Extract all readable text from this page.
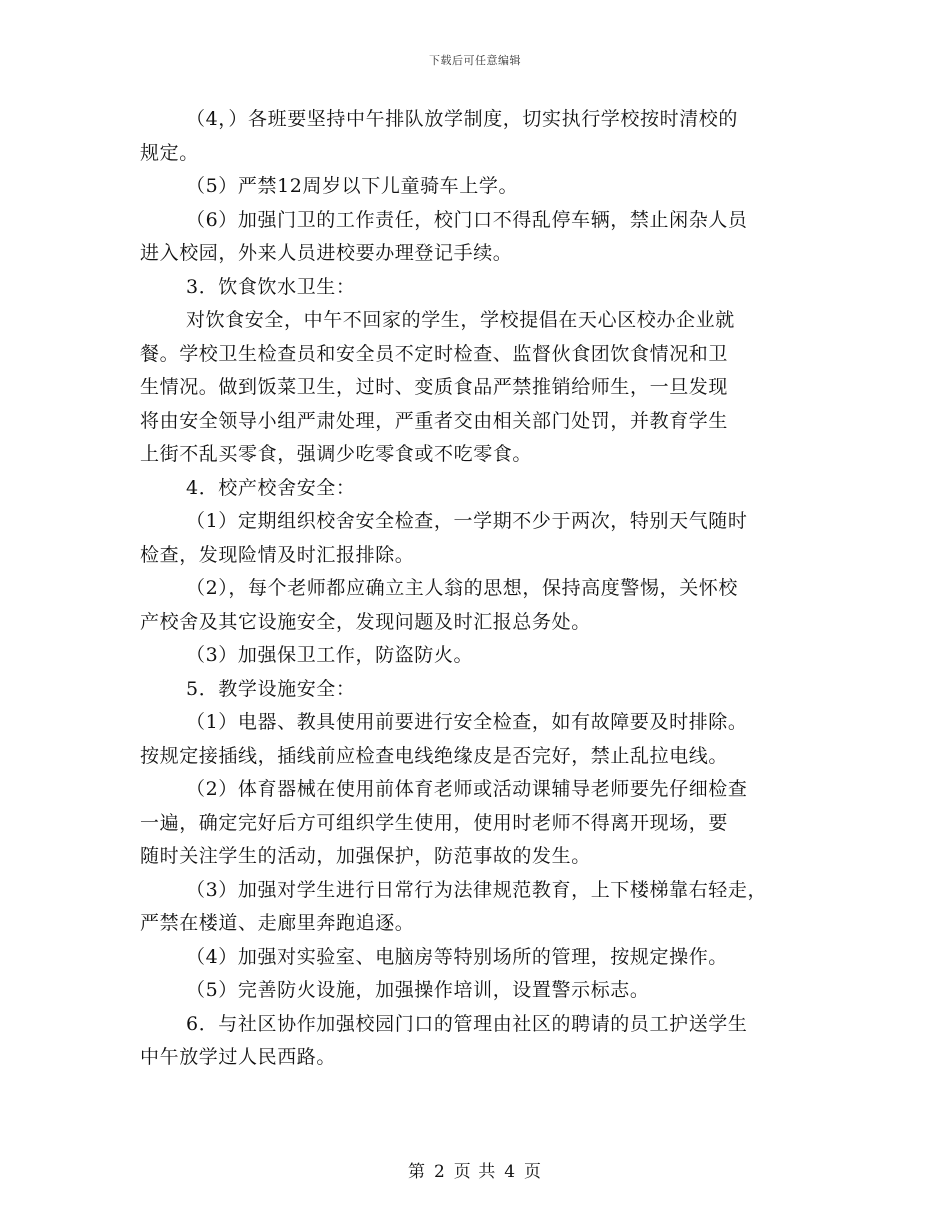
下载后可任意编辑

（4，）各班要坚持中午排队放学制度，切实执行学校按时清校的

规定。

（5）严禁12周岁以下儿童骑车上学。

（6）加强门卫的工作责任，校门口不得乱停车辆，禁止闲杂人员

进入校园，外来人员进校要办理登记手续。

3．饮食饮水卫生：

对饮食安全，中午不回家的学生，学校提倡在天心区校办企业就

餐。学校卫生检查员和安全员不定时检查、监督伙食团饮食情况和卫

生情况。做到饭菜卫生，过时、变质食品严禁推销给师生，一旦发现

将由安全领导小组严肃处理，严重者交由相关部门处罚，并教育学生

上街不乱买零食，强调少吃零食或不吃零食。

4．校产校舍安全：

（1）定期组织校舍安全检查，一学期不少于两次，特别天气随时

检查，发现险情及时汇报排除。

（2），每个老师都应确立主人翁的思想，保持高度警惕，关怀校

产校舍及其它设施安全，发现问题及时汇报总务处。

（3）加强保卫工作，防盗防火。

5．教学设施安全：

（1）电器、教具使用前要进行安全检查，如有故障要及时排除。

按规定接插线，插线前应检查电线绝缘皮是否完好，禁止乱拉电线。

（2）体育器械在使用前体育老师或活动课辅导老师要先仔细检查

一遍，确定完好后方可组织学生使用，使用时老师不得离开现场，要

随时关注学生的活动，加强保护，防范事故的发生。

（3）加强对学生进行日常行为法律规范教育，上下楼梯靠右轻走，

严禁在楼道、走廊里奔跑追逐。

（4）加强对实验室、电脑房等特别场所的管理，按规定操作。

（5）完善防火设施，加强操作培训，设置警示标志。

6．与社区协作加强校园门口的管理由社区的聘请的员工护送学生

中午放学过人民西路。

第 2 页 共 4 页
